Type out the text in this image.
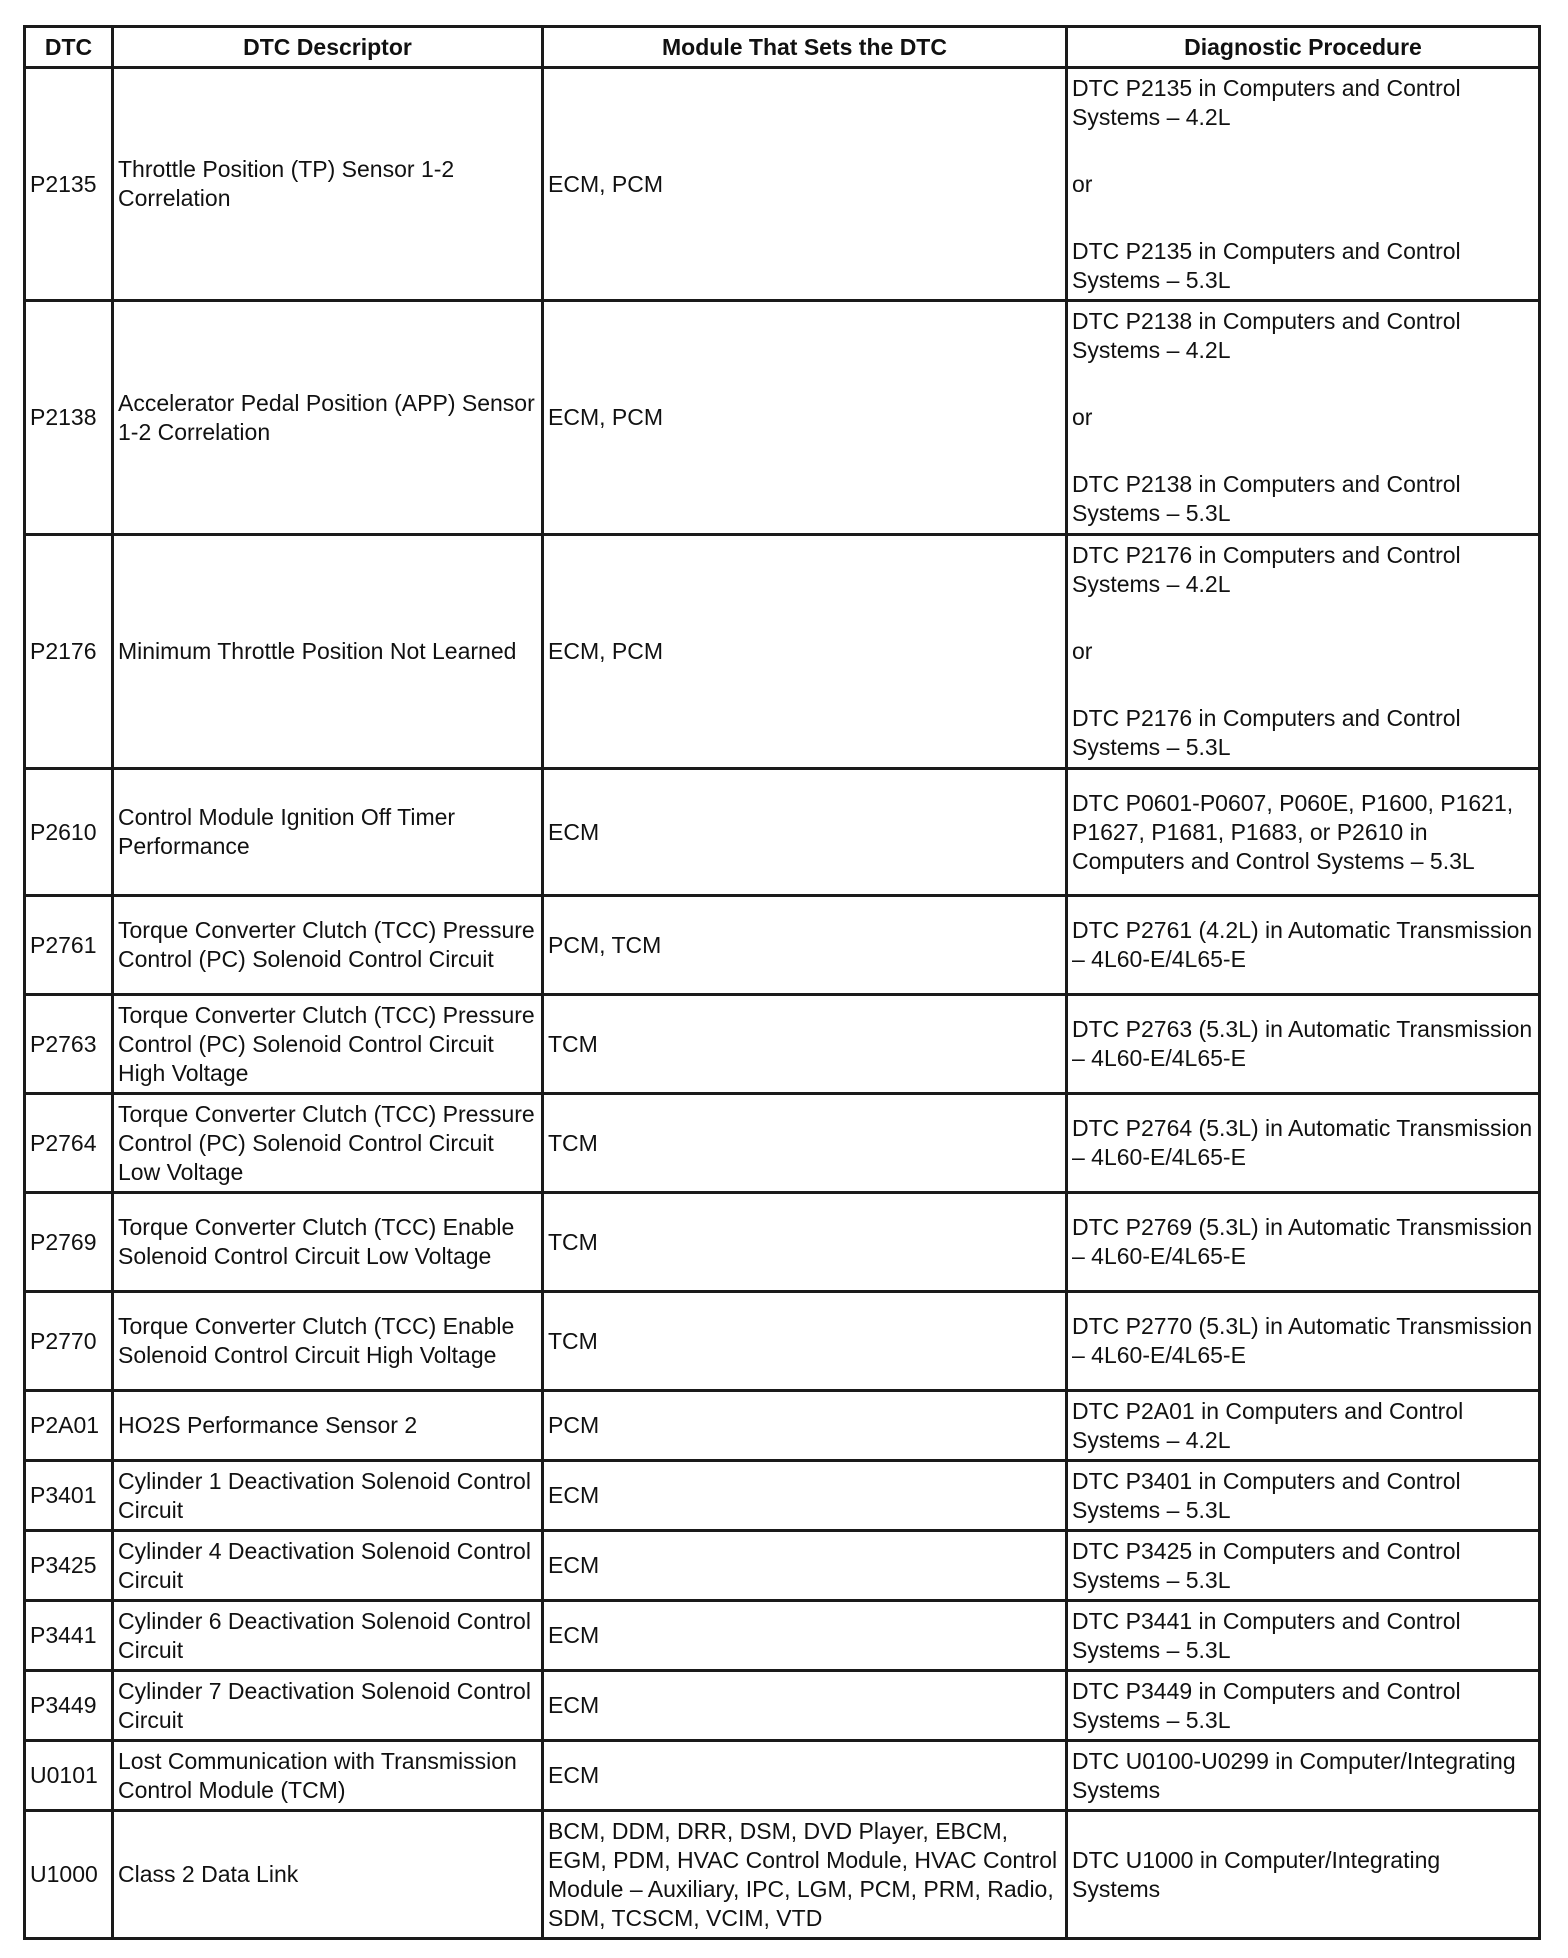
DTC	DTC Descriptor	Module That Sets the DTC	Diagnostic Procedure
P2135	Throttle Position (TP) Sensor 1-2 Correlation	ECM, PCM	DTC P2135 in Computers and Control Systems – 4.2L

or

DTC P2135 in Computers and Control Systems – 5.3L

P2138	Accelerator Pedal Position (APP) Sensor 1-2 Correlation	ECM, PCM	DTC P2138 in Computers and Control Systems – 4.2L

or

DTC P2138 in Computers and Control Systems – 5.3L

P2176	Minimum Throttle Position Not Learned	ECM, PCM	DTC P2176 in Computers and Control Systems – 4.2L

or

DTC P2176 in Computers and Control Systems – 5.3L

P2610	Control Module Ignition Off Timer Performance	ECM	DTC P0601-P0607, P060E, P1600, P1621, P1627, P1681, P1683, or P2610 in Computers and Control Systems – 5.3L
P2761	Torque Converter Clutch (TCC) Pressure Control (PC) Solenoid Control Circuit	PCM, TCM	DTC P2761 (4.2L) in Automatic Transmission – 4L60-E/4L65-E
P2763	Torque Converter Clutch (TCC) Pressure Control (PC) Solenoid Control Circuit High Voltage	TCM	DTC P2763 (5.3L) in Automatic Transmission – 4L60-E/4L65-E
P2764	Torque Converter Clutch (TCC) Pressure Control (PC) Solenoid Control Circuit Low Voltage	TCM	DTC P2764 (5.3L) in Automatic Transmission – 4L60-E/4L65-E
P2769	Torque Converter Clutch (TCC) Enable Solenoid Control Circuit Low Voltage	TCM	DTC P2769 (5.3L) in Automatic Transmission – 4L60-E/4L65-E
P2770	Torque Converter Clutch (TCC) Enable Solenoid Control Circuit High Voltage	TCM	DTC P2770 (5.3L) in Automatic Transmission – 4L60-E/4L65-E
P2A01	HO2S Performance Sensor 2	PCM	DTC P2A01 in Computers and Control Systems – 4.2L
P3401	Cylinder 1 Deactivation Solenoid Control Circuit	ECM	DTC P3401 in Computers and Control Systems – 5.3L
P3425	Cylinder 4 Deactivation Solenoid Control Circuit	ECM	DTC P3425 in Computers and Control Systems – 5.3L
P3441	Cylinder 6 Deactivation Solenoid Control Circuit	ECM	DTC P3441 in Computers and Control Systems – 5.3L
P3449	Cylinder 7 Deactivation Solenoid Control Circuit	ECM	DTC P3449 in Computers and Control Systems – 5.3L
U0101	Lost Communication with Transmission Control Module (TCM)	ECM	DTC U0100-U0299 in Computer/Integrating Systems
U1000	Class 2 Data Link	BCM, DDM, DRR, DSM, DVD Player, EBCM, EGM, PDM, HVAC Control Module, HVAC Control Module – Auxiliary, IPC, LGM, PCM, PRM, Radio, SDM, TCSCM, VCIM, VTD	DTC U1000 in Computer/Integrating Systems
